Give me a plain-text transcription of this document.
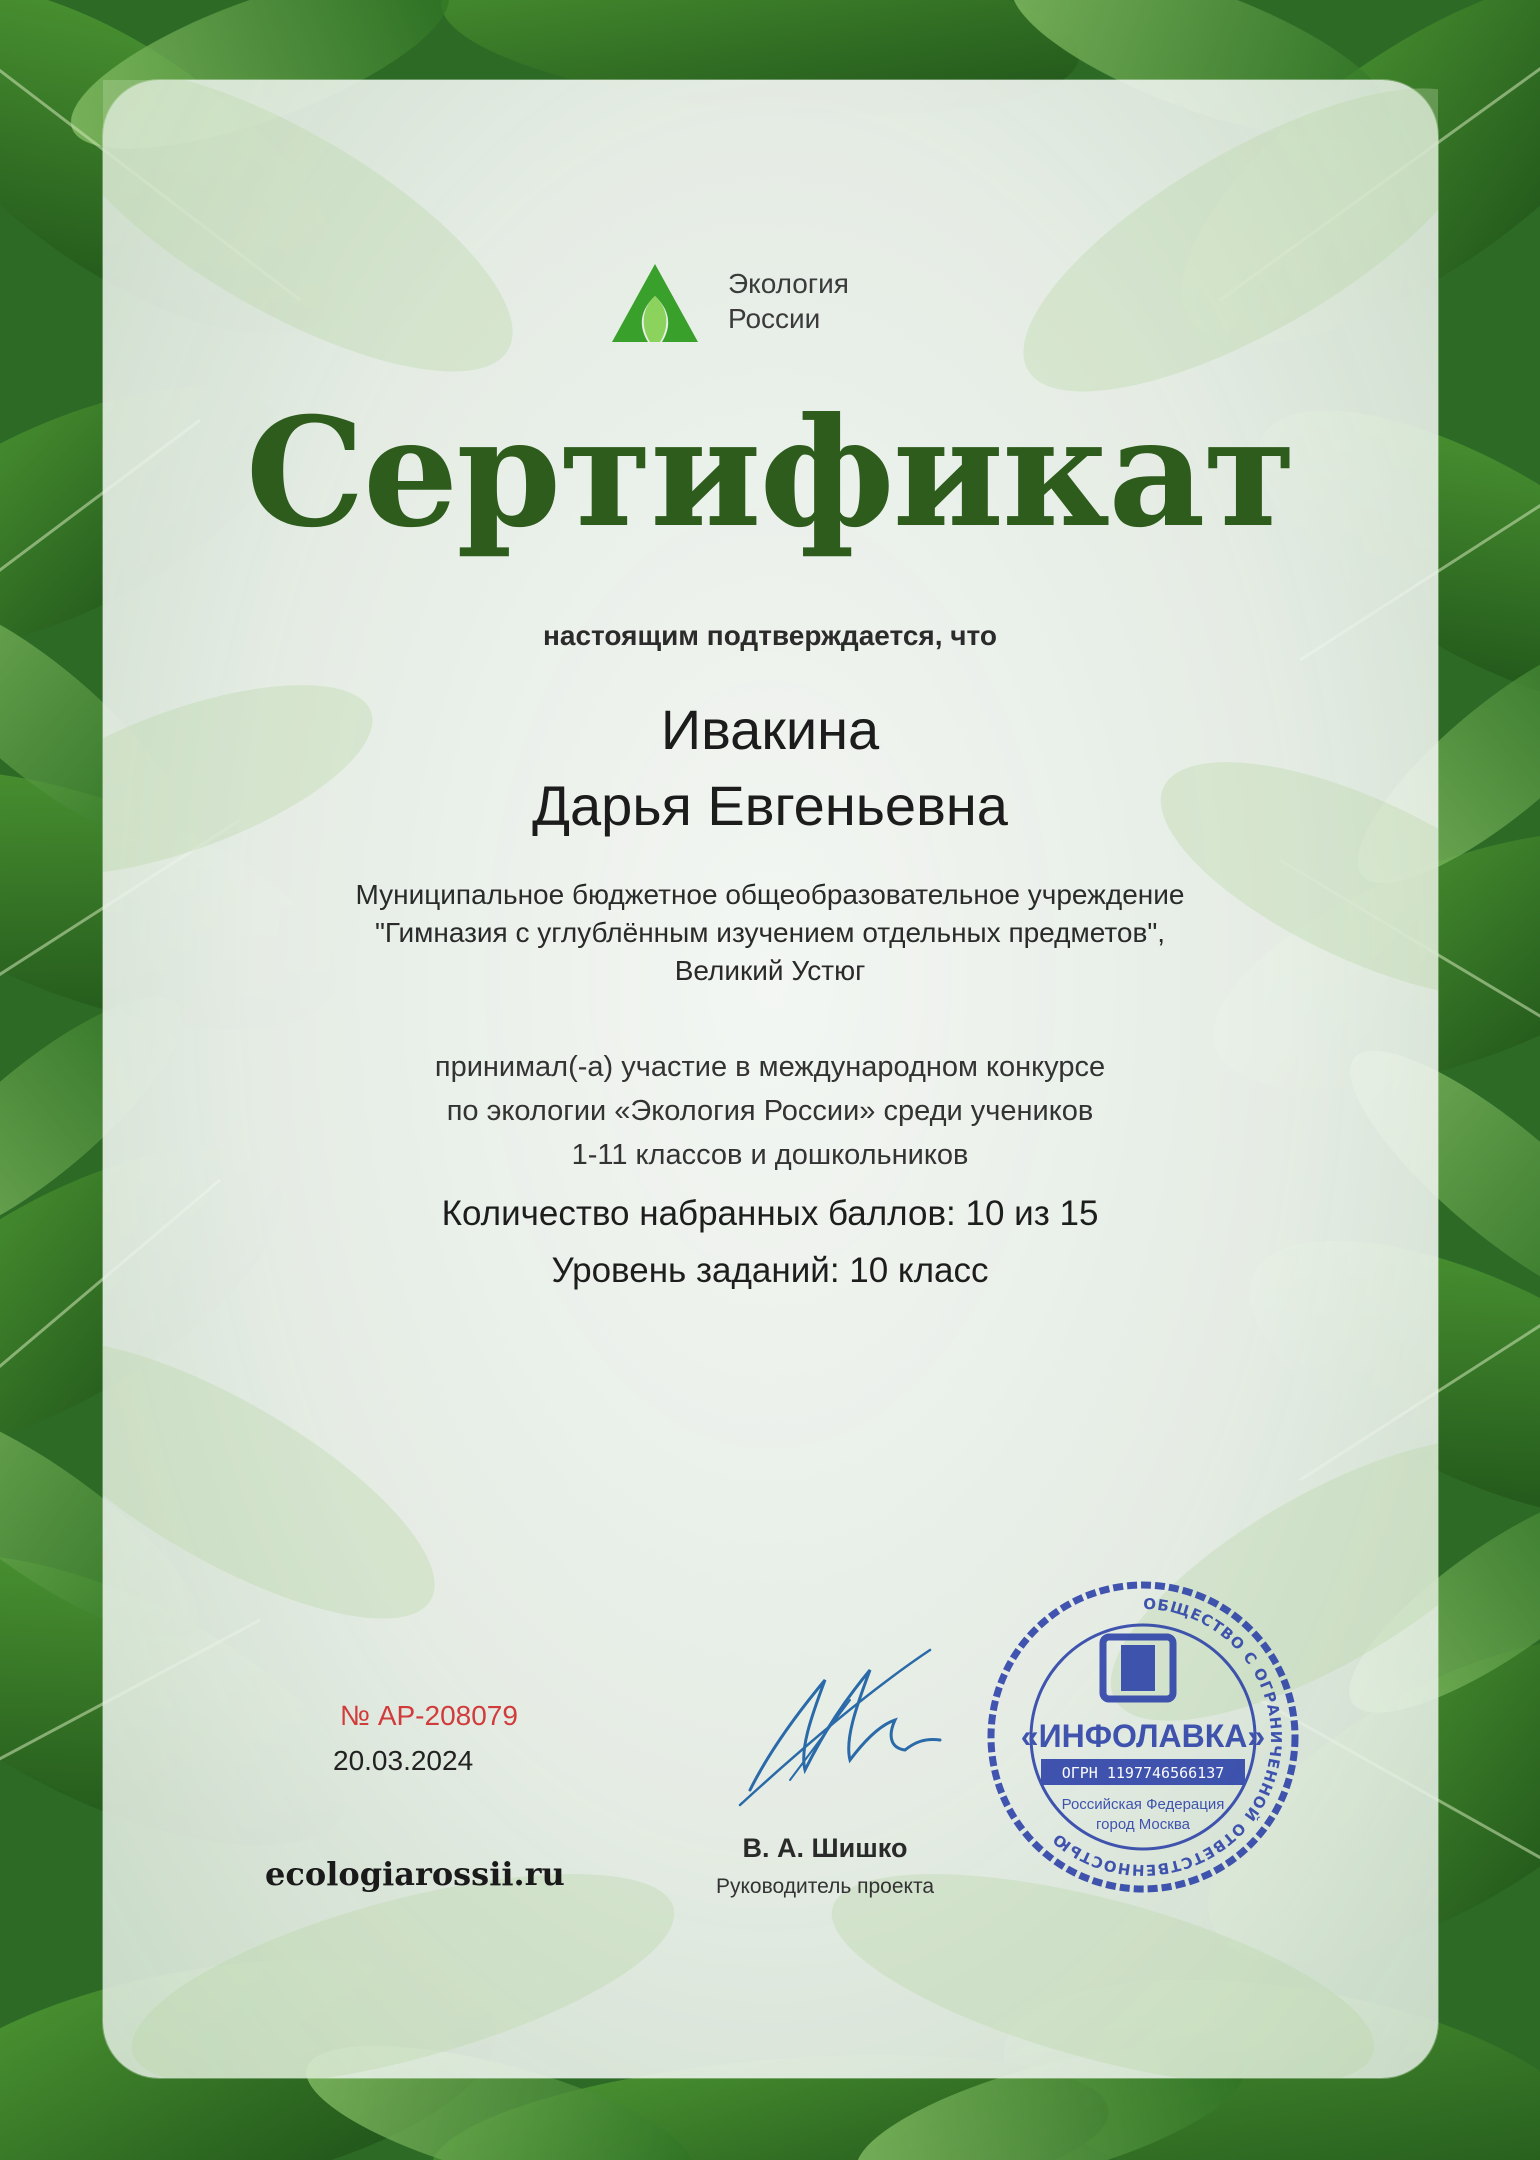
Экология
России
Сертификат
настоящим подтверждается, что
Ивакина
Дарья Евгеньевна
Муниципальное бюджетное общеобразовательное учреждение
"Гимназия с углублённым изучением отдельных предметов",
Великий Устюг
принимал(-а) участие в международном конкурсе
по экологии «Экология России» среди учеников
1-11 классов и дошкольников
Количество набранных баллов: 10 из 15
Уровень заданий: 10 класс
№ АР-208079
20.03.2024
ecologiarossii.ru
В. А. Шишко
Руководитель проекта
ОБЩЕСТВО С ОГРАНИЧЕННОЙ ОТВЕТСТВЕННОСТЬЮ
«ИНФОЛАВКА»
ОГРН 1197746566137
Российская Федерация
город Москва
